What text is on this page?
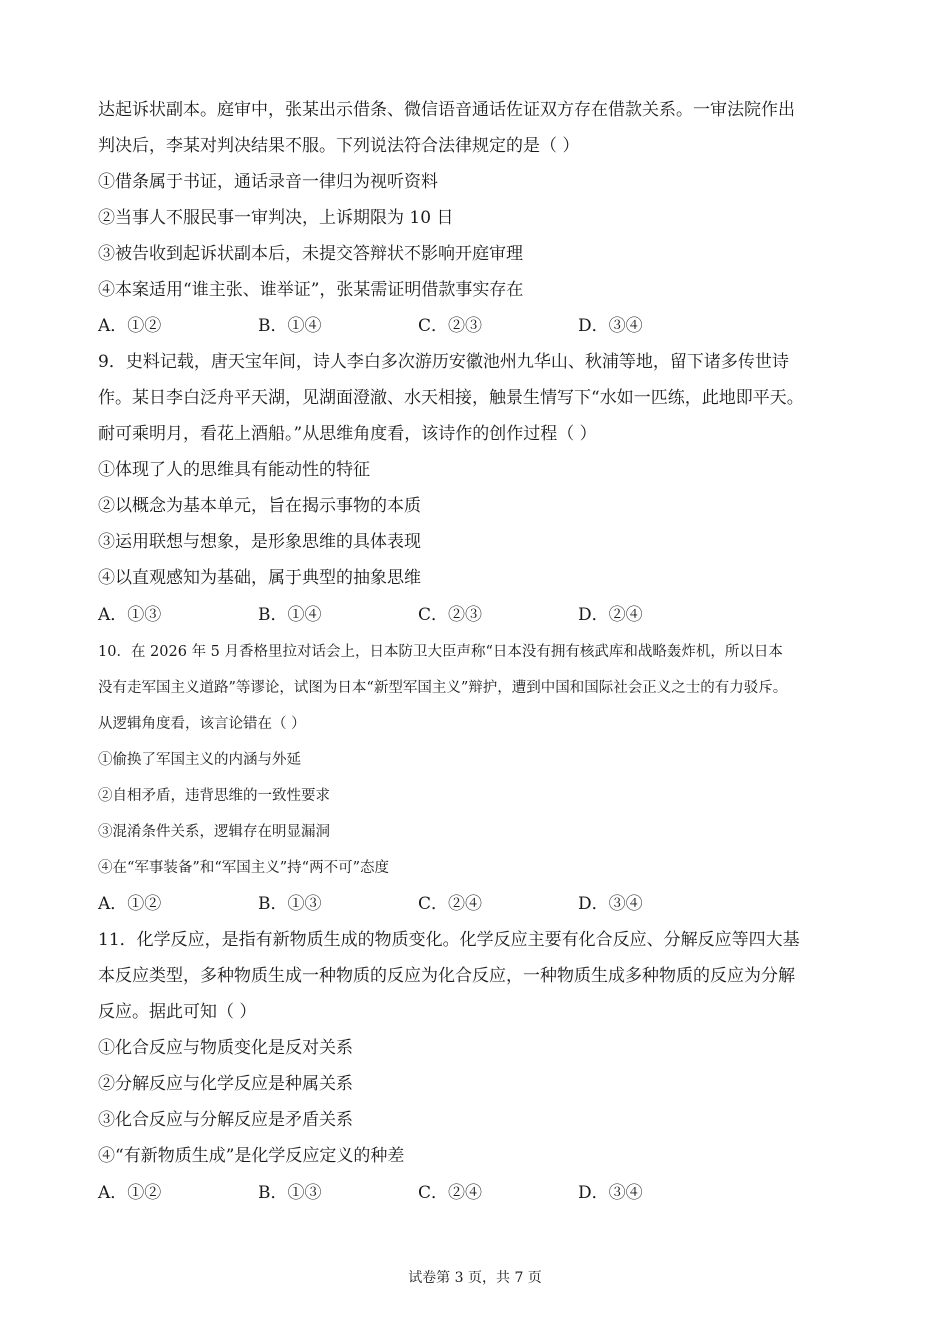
达起诉状副本。庭审中，张某出示借条、微信语音通话佐证双方存在借款关系。一审法院作出
判决后，李某对判决结果不服。下列说法符合法律规定的是（ ）
①借条属于书证，通话录音一律归为视听资料
②当事人不服民事一审判决，上诉期限为 10 日
③被告收到起诉状副本后，未提交答辩状不影响开庭审理
④本案适用“谁主张、谁举证”，张某需证明借款事实存在
A．①②	B．①④	C．②③	D．③④
9．史料记载，唐天宝年间，诗人李白多次游历安徽池州九华山、秋浦等地，留下诸多传世诗
作。某日李白泛舟平天湖，见湖面澄澈、水天相接，触景生情写下“水如一匹练，此地即平天。
耐可乘明月，看花上酒船。”从思维角度看，该诗作的创作过程（ ）
①体现了人的思维具有能动性的特征
②以概念为基本单元，旨在揭示事物的本质
③运用联想与想象，是形象思维的具体表现
④以直观感知为基础，属于典型的抽象思维
A．①③	B．①④	C．②③	D．②④
10．在 2026 年 5 月香格里拉对话会上，日本防卫大臣声称“日本没有拥有核武库和战略轰炸机，所以日本
没有走军国主义道路”等谬论，试图为日本“新型军国主义”辩护，遭到中国和国际社会正义之士的有力驳斥。
从逻辑角度看，该言论错在（ ）
①偷换了军国主义的内涵与外延
②自相矛盾，违背思维的一致性要求
③混淆条件关系，逻辑存在明显漏洞
④在“军事装备”和“军国主义”持“两不可”态度
A．①②	B．①③	C．②④	D．③④
11．化学反应，是指有新物质生成的物质变化。化学反应主要有化合反应、分解反应等四大基
本反应类型，多种物质生成一种物质的反应为化合反应，一种物质生成多种物质的反应为分解
反应。据此可知（ ）
①化合反应与物质变化是反对关系
②分解反应与化学反应是种属关系
③化合反应与分解反应是矛盾关系
④“有新物质生成”是化学反应定义的种差
A．①②	B．①③	C．②④	D．③④
试卷第 3 页，共 7 页
